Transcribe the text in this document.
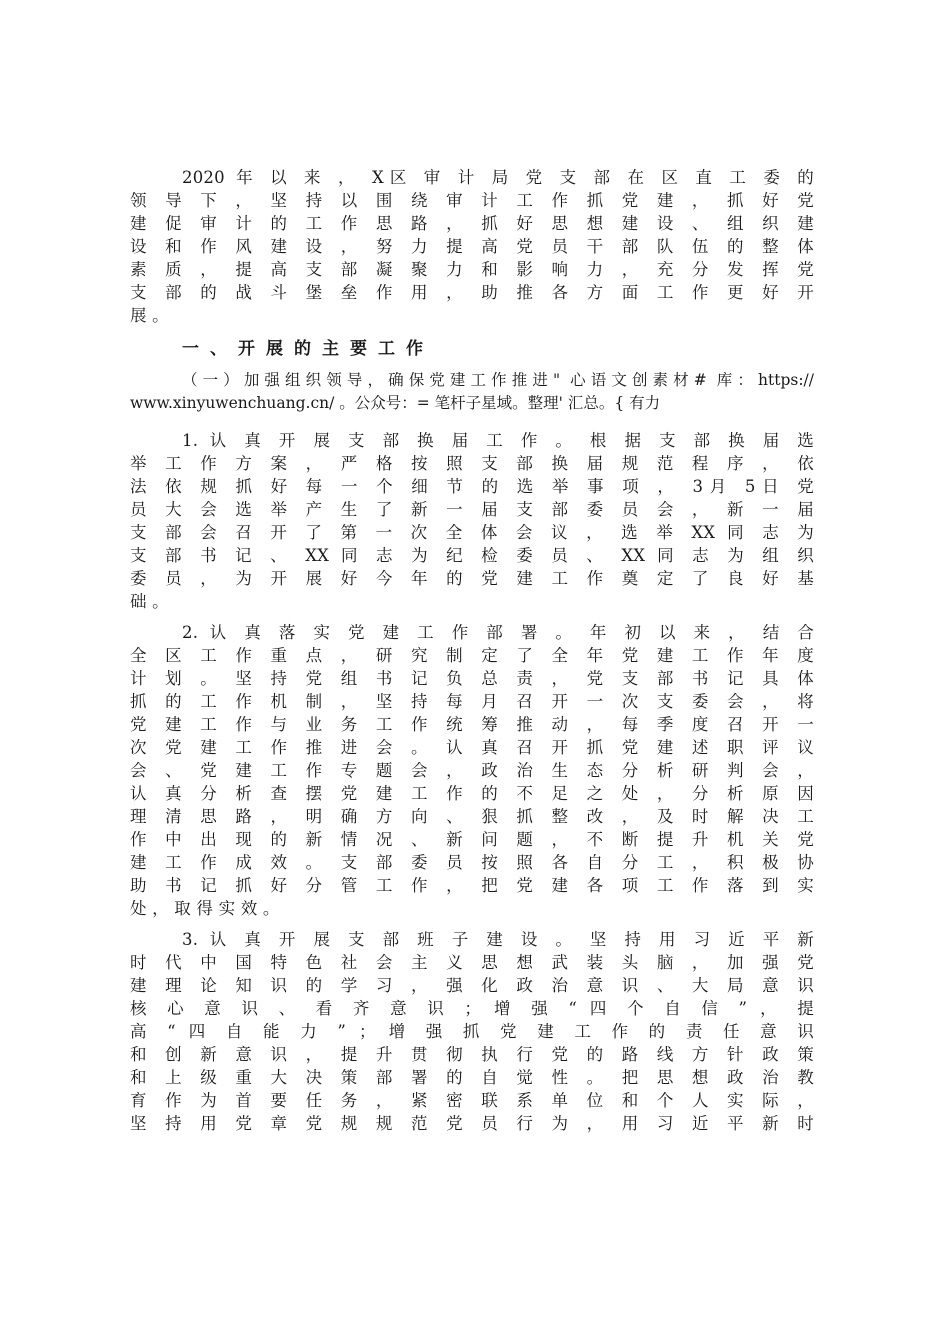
2020 年 以 来 ， X区 审 计 局 党 支 部 在 区 直 工 委 的
领 导 下 ， 坚 持 以 围 绕 审 计 工 作 抓 党 建 ， 抓 好 党
建 促 审 计 的 工 作 思 路 ， 抓 好 思 想 建 设 、 组 织 建
设 和 作 风 建 设 ， 努 力 提 高 党 员 干 部 队 伍 的 整 体
素 质 ， 提 高 支 部 凝 聚 力 和 影 响 力 ， 充 分 发 挥 党
支 部 的 战 斗 堡 垒 作 用 ， 助 推 各 方 面 工 作 更 好 开
展 。
一、开展的主要工作
（一）加强组织领导，确保党建工作推进" 心语文创素材# 库：https://
www.xinyuwenchuang.cn/ 。公众号：= 笔杆子星域。整理' 汇总。{ 有力
1. 认 真 开 展 支 部 换 届 工 作 。 根 据 支 部 换 届 选
举 工 作 方 案 ， 严 格 按 照 支 部 换 届 规 范 程 序 ， 依
法 依 规 抓 好 每 一 个 细 节 的 选 举 事 项 ， 3月 5日 党
员 大 会 选 举 产 生 了 新 一 届 支 部 委 员 会 ， 新 一 届
支 部 会 召 开 了 第 一 次 全 体 会 议 ， 选 举 XX 同 志 为
支 部 书 记 、 XX 同 志 为 纪 检 委 员 、 XX 同 志 为 组 织
委 员 ， 为 开 展 好 今 年 的 党 建 工 作 奠 定 了 良 好 基
础 。
2. 认 真 落 实 党 建 工 作 部 署 。 年 初 以 来 ， 结 合
全 区 工 作 重 点 ， 研 究 制 定 了 全 年 党 建 工 作 年 度
计 划 。 坚 持 党 组 书 记 负 总 责 ， 党 支 部 书 记 具 体
抓 的 工 作 机 制 ， 坚 持 每 月 召 开 一 次 支 委 会 ， 将
党 建 工 作 与 业 务 工 作 统 筹 推 动 ， 每 季 度 召 开 一
次 党 建 工 作 推 进 会 。 认 真 召 开 抓 党 建 述 职 评 议
会 、 党 建 工 作 专 题 会 ， 政 治 生 态 分 析 研 判 会 ，
认 真 分 析 查 摆 党 建 工 作 的 不 足 之 处 ， 分 析 原 因
理 清 思 路 ， 明 确 方 向 、 狠 抓 整 改 ， 及 时 解 决 工
作 中 出 现 的 新 情 况 、 新 问 题 ， 不 断 提 升 机 关 党
建 工 作 成 效 。 支 部 委 员 按 照 各 自 分 工 ， 积 极 协
助 书 记 抓 好 分 管 工 作 ， 把 党 建 各 项 工 作 落 到 实
处 ， 取 得 实 效 。
3. 认 真 开 展 支 部 班 子 建 设 。 坚 持 用 习 近 平 新
时 代 中 国 特 色 社 会 主 义 思 想 武 装 头 脑 ， 加 强 党
建 理 论 知 识 的 学 习 ， 强 化 政 治 意 识 、 大 局 意 识
核 心 意 识 、 看 齐 意 识 ； 增 强 “ 四 个 自 信 ” ， 提
高 “ 四 自 能 力 ” ； 增 强 抓 党 建 工 作 的 责 任 意 识
和 创 新 意 识 ， 提 升 贯 彻 执 行 党 的 路 线 方 针 政 策
和 上 级 重 大 决 策 部 署 的 自 觉 性 。 把 思 想 政 治 教
育 作 为 首 要 任 务 ， 紧 密 联 系 单 位 和 个 人 实 际 ，
坚 持 用 党 章 党 规 规 范 党 员 行 为 ， 用 习 近 平 新 时
